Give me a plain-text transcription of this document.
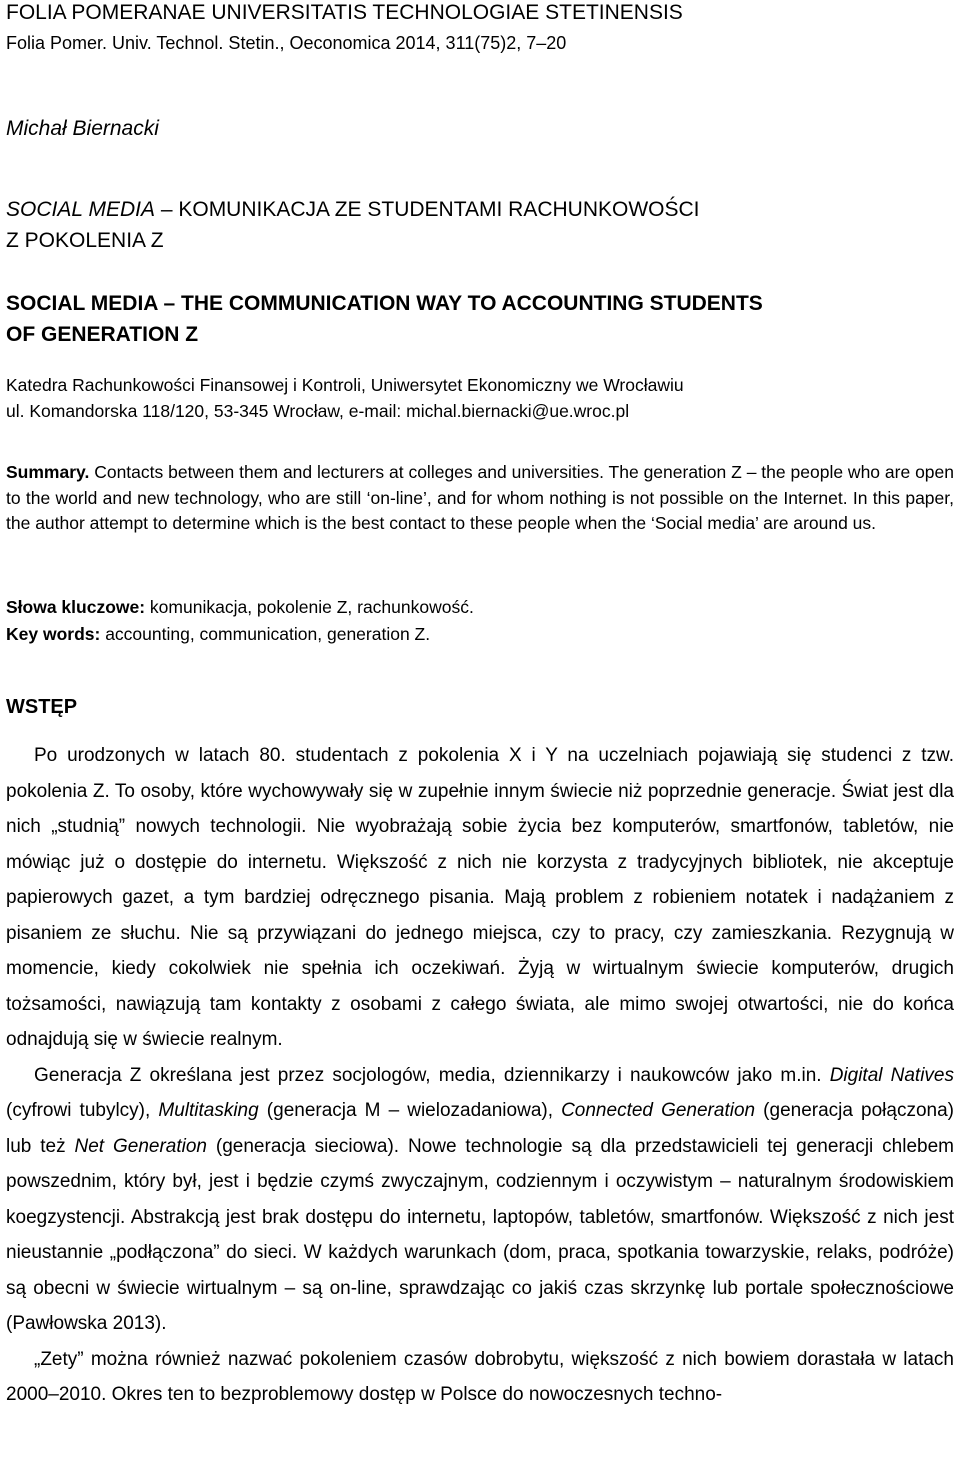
FOLIA POMERANAE UNIVERSITATIS TECHNOLOGIAE STETINENSIS
Folia Pomer. Univ. Technol. Stetin., Oeconomica 2014, 311(75)2, 7–20
Michał Biernacki
SOCIAL MEDIA – KOMUNIKACJA ZE STUDENTAMI RACHUNKOWOŚCI
Z POKOLENIA Z
SOCIAL MEDIA – THE COMMUNICATION WAY TO ACCOUNTING STUDENTS
OF GENERATION Z
Katedra Rachunkowości Finansowej i Kontroli, Uniwersytet Ekonomiczny we Wrocławiu
ul. Komandorska 118/120, 53-345 Wrocław, e-mail: michal.biernacki@ue.wroc.pl
Summary. Contacts between them and lecturers at colleges and universities. The generation Z – the people who are open to the world and new technology, who are still ‘on-line’, and for whom nothing is not possible on the Internet. In this paper, the author attempt to determine which is the best contact to these people when the ‘Social media’ are around us.
Słowa kluczowe: komunikacja, pokolenie Z, rachunkowość.
Key words: accounting, communication, generation Z.
WSTĘP

Po urodzonych w latach 80. studentach z pokolenia X i Y na uczelniach pojawiają się studenci z tzw. pokolenia Z. To osoby, które wychowywały się w zupełnie innym świecie niż poprzednie generacje. Świat jest dla nich „studnią” nowych technologii. Nie wyobrażają sobie życia bez komputerów, smartfonów, tabletów, nie mówiąc już o dostępie do internetu. Większość z nich nie korzysta z tradycyjnych bibliotek, nie akceptuje papierowych gazet, a tym bardziej odręcznego pisania. Mają problem z robieniem notatek i nadążaniem z pisaniem ze słuchu. Nie są przywiązani do jednego miejsca, czy to pracy, czy zamieszkania. Rezygnują w momencie, kiedy cokolwiek nie spełnia ich oczekiwań. Żyją w wirtualnym świecie komputerów, drugich tożsamości, nawiązują tam kontakty z osobami z całego świata, ale mimo swojej otwartości, nie do końca odnajdują się w świecie realnym.

Generacja Z określana jest przez socjologów, media, dziennikarzy i naukowców jako m.in. Digital Natives (cyfrowi tubylcy), Multitasking (generacja M – wielozadaniowa), Connected Generation (generacja połączona) lub też Net Generation (generacja sieciowa). Nowe technologie są dla przedstawicieli tej generacji chlebem powszednim, który był, jest i będzie czymś zwyczajnym, codziennym i oczywistym – naturalnym środowiskiem koegzystencji. Abstrakcją jest brak dostępu do internetu, laptopów, tabletów, smartfonów. Większość z nich jest nieustannie „podłączona” do sieci. W każdych warunkach (dom, praca, spotkania towarzyskie, relaks, podróże) są obecni w świecie wirtualnym – są on-line, sprawdzając co jakiś czas skrzynkę lub portale społecznościowe (Pawłowska 2013).

„Zety” można również nazwać pokoleniem czasów dobrobytu, większość z nich bowiem dorastała w latach 2000–2010. Okres ten to bezproblemowy dostęp w Polsce do nowoczesnych techno-
